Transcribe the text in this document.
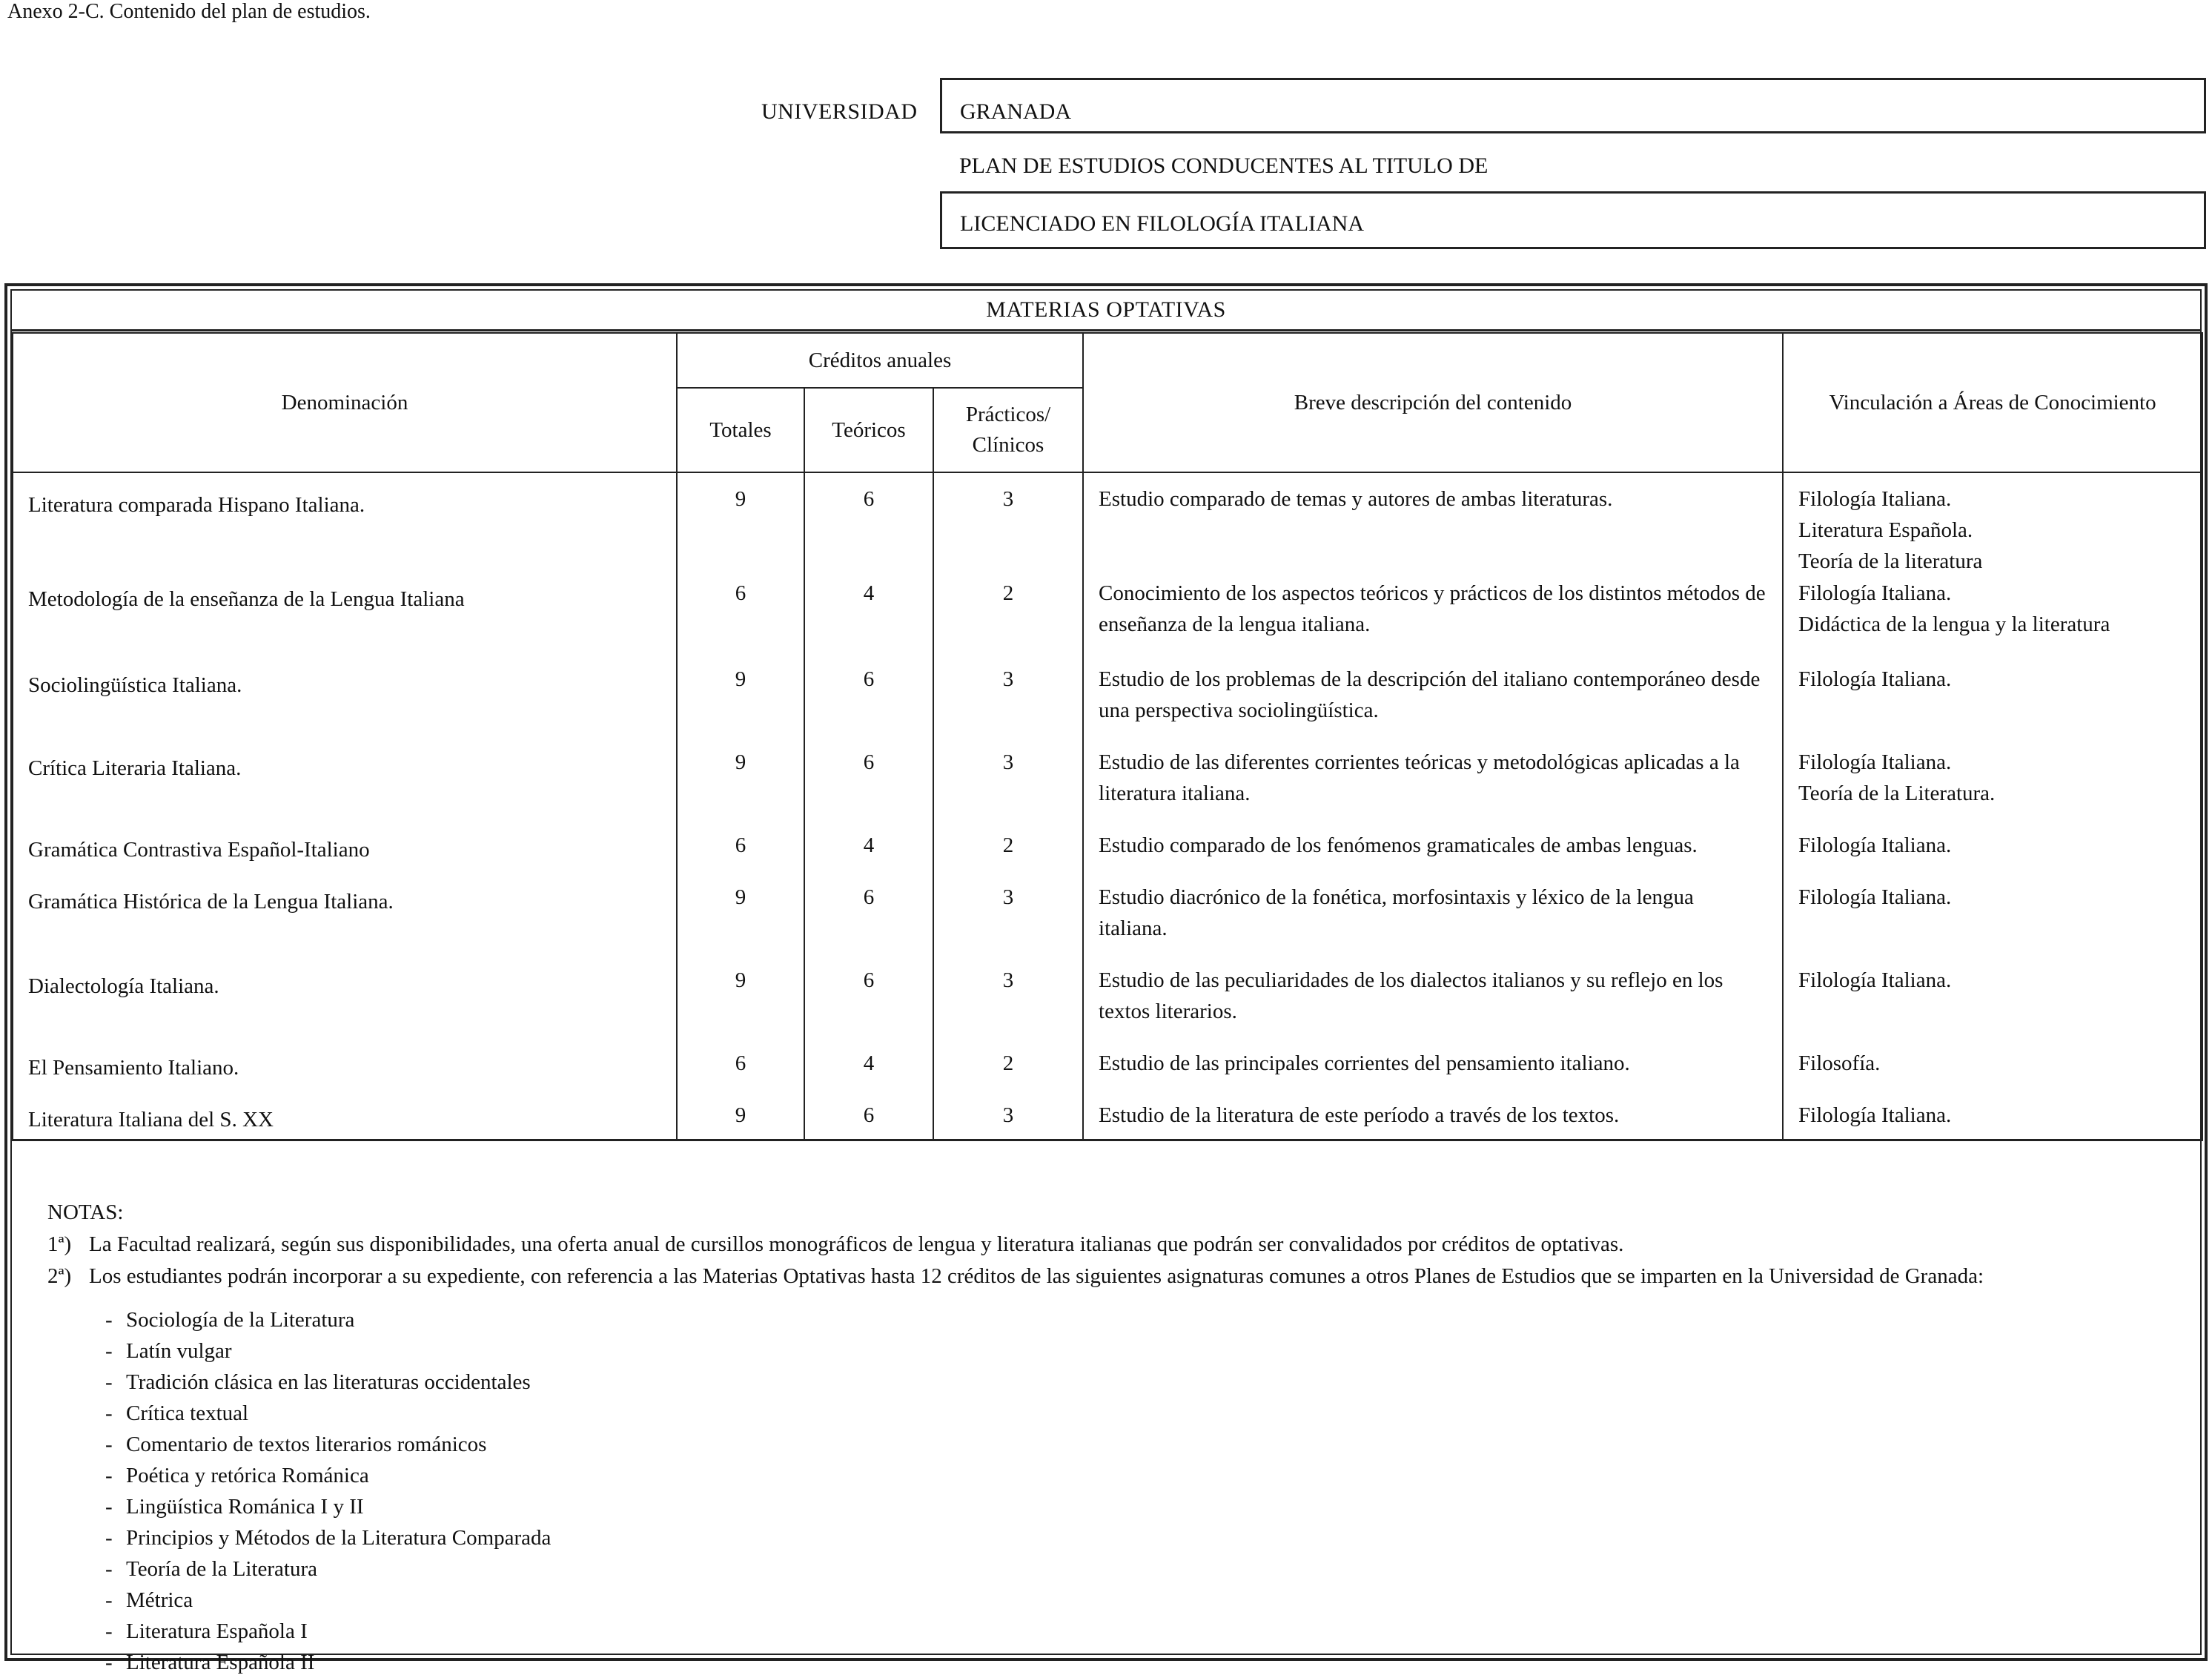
Anexo 2-C. Contenido del plan de estudios.
UNIVERSIDAD GRANADA
PLAN DE ESTUDIOS CONDUCENTES AL TITULO DE
LICENCIADO EN FILOLOGÍA ITALIANA
MATERIAS OPTATIVAS
Denominación	Créditos anuales			Breve descripción del contenido	Vinculación a Áreas de Conocimiento
	Totales	Teóricos	Prácticos/ Clínicos		
Literatura comparada Hispano Italiana.	9	6	3	Estudio comparado de temas y autores de ambas literaturas.	Filología Italiana.
Literatura Española.
Teoría de la literatura

Metodología de la enseñanza de la Lengua Italiana	6	4	2	Conocimiento de los aspectos teóricos y prácticos de los distintos métodos de enseñanza de la lengua italiana.	Filología Italiana.
Didáctica de la lengua y la literatura

Sociolingüística Italiana.	9	6	3	Estudio de los problemas de la descripción del italiano contemporáneo desde una perspectiva sociolingüística.	Filología Italiana.

Crítica Literaria Italiana.	9	6	3	Estudio de las diferentes corrientes teóricas y metodológicas aplicadas a la literatura italiana.	Filología Italiana.
Teoría de la Literatura.

Gramática Contrastiva Español-Italiano	6	4	2	Estudio comparado de los fenómenos gramaticales de ambas lenguas.	Filología Italiana.

Gramática Histórica de la Lengua Italiana.	9	6	3	Estudio diacrónico de la fonética, morfosintaxis y léxico de la lengua italiana.	Filología Italiana.

Dialectología Italiana.	9	6	3	Estudio de las peculiaridades de los dialectos italianos y su reflejo en los textos literarios.	Filología Italiana.

El Pensamiento Italiano.	6	4	2	Estudio de las principales corrientes del pensamiento italiano.	Filosofía.

Literatura Italiana del S. XX	9	6	3	Estudio de la literatura de este período a través de los textos.	Filología Italiana.
NOTAS:
1ª) La Facultad realizará, según sus disponibilidades, una oferta anual de cursillos monográficos de lengua y literatura italianas que podrán ser convalidados por créditos de optativas.
2ª) Los estudiantes podrán incorporar a su expediente, con referencia a las Materias Optativas hasta 12 créditos de las siguientes asignaturas comunes a otros Planes de Estudios que se imparten en la Universidad de Granada:
- Sociología de la Literatura
- Latín vulgar
- Tradición clásica en las literaturas occidentales
- Crítica textual
- Comentario de textos literarios románicos
- Poética y retórica Románica
- Lingüística Románica I y II
- Principios y Métodos de la Literatura Comparada
- Teoría de la Literatura
- Métrica
- Literatura Española I
- Literatura Española II
